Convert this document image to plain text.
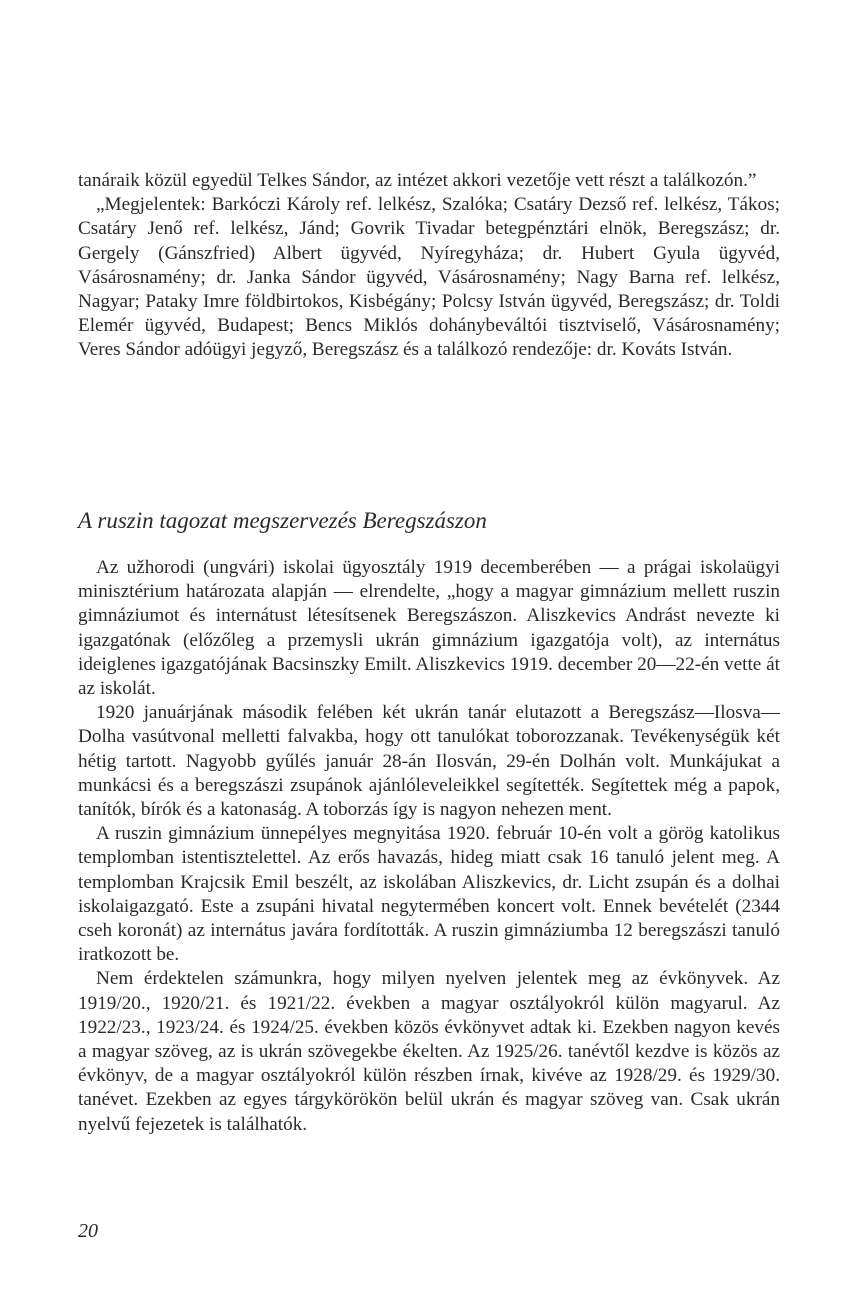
tanáraik közül egyedül Telkes Sándor, az intézet akkori vezetője vett részt a találkozón.”

„Megjelentek: Barkóczi Károly ref. lelkész, Szalóka; Csatáry Dezső ref. lelkész, Tákos; Csatáry Jenő ref. lelkész, Jánd; Govrik Tivadar betegpénztári elnök, Beregszász; dr. Gergely (Gánszfried) Albert ügyvéd, Nyíregyháza; dr. Hubert Gyula ügyvéd, Vásárosnamény; dr. Janka Sándor ügyvéd, Vásárosnamény; Nagy Barna ref. lelkész, Nagyar; Pataky Imre földbirtokos, Kisbégány; Polcsy István ügyvéd, Beregszász; dr. Toldi Elemér ügyvéd, Budapest; Bencs Miklós dohánybeváltói tisztviselő, Vásárosnamény; Veres Sándor adóügyi jegyző, Beregszász és a találkozó rendezője: dr. Kováts István.

A ruszin tagozat megszervezés Beregszászon

Az užhorodi (ungvári) iskolai ügyosztály 1919 decemberében — a prágai iskolaügyi minisztérium határozata alapján — elrendelte, „hogy a magyar gimnázium mellett ruszin gimnáziumot és internátust létesítsenek Beregszászon. Aliszkevics Andrást nevezte ki igazgatónak (előzőleg a przemysli ukrán gimnázium igazgatója volt), az internátus ideiglenes igazgatójának Bacsinszky Emilt. Aliszkevics 1919. december 20—22-én vette át az iskolát.

1920 januárjának második felében két ukrán tanár elutazott a Beregszász—Ilosva—Dolha vasútvonal melletti falvakba, hogy ott tanulókat toborozzanak. Tevékenységük két hétig tartott. Nagyobb gyűlés január 28-án Ilosván, 29-én Dolhán volt. Munkájukat a munkácsi és a beregszászi zsupánok ajánlóleveleikkel segítették. Segítettek még a papok, tanítók, bírók és a katonaság. A toborzás így is nagyon nehezen ment.

A ruszin gimnázium ünnepélyes megnyitása 1920. február 10-én volt a görög katolikus templomban istentisztelettel. Az erős havazás, hideg miatt csak 16 tanuló jelent meg. A templomban Krajcsik Emil beszélt, az iskolában Aliszkevics, dr. Licht zsupán és a dolhai iskolaigazgató. Este a zsupáni hivatal negytermében koncert volt. Ennek bevételét (2344 cseh koronát) az internátus javára fordították. A ruszin gimnáziumba 12 beregszászi tanuló iratkozott be.

Nem érdektelen számunkra, hogy milyen nyelven jelentek meg az évkönyvek. Az 1919/20., 1920/21. és 1921/22. években a magyar osztályokról külön magyarul. Az 1922/23., 1923/24. és 1924/25. években közös évkönyvet adtak ki. Ezekben nagyon kevés a magyar szöveg, az is ukrán szövegekbe ékelten. Az 1925/26. tanévtől kezdve is közös az évkönyv, de a magyar osztályokról külön részben írnak, kivéve az 1928/29. és 1929/30. tanévet. Ezekben az egyes tárgykörökön belül ukrán és magyar szöveg van. Csak ukrán nyelvű fejezetek is találhatók.

20
